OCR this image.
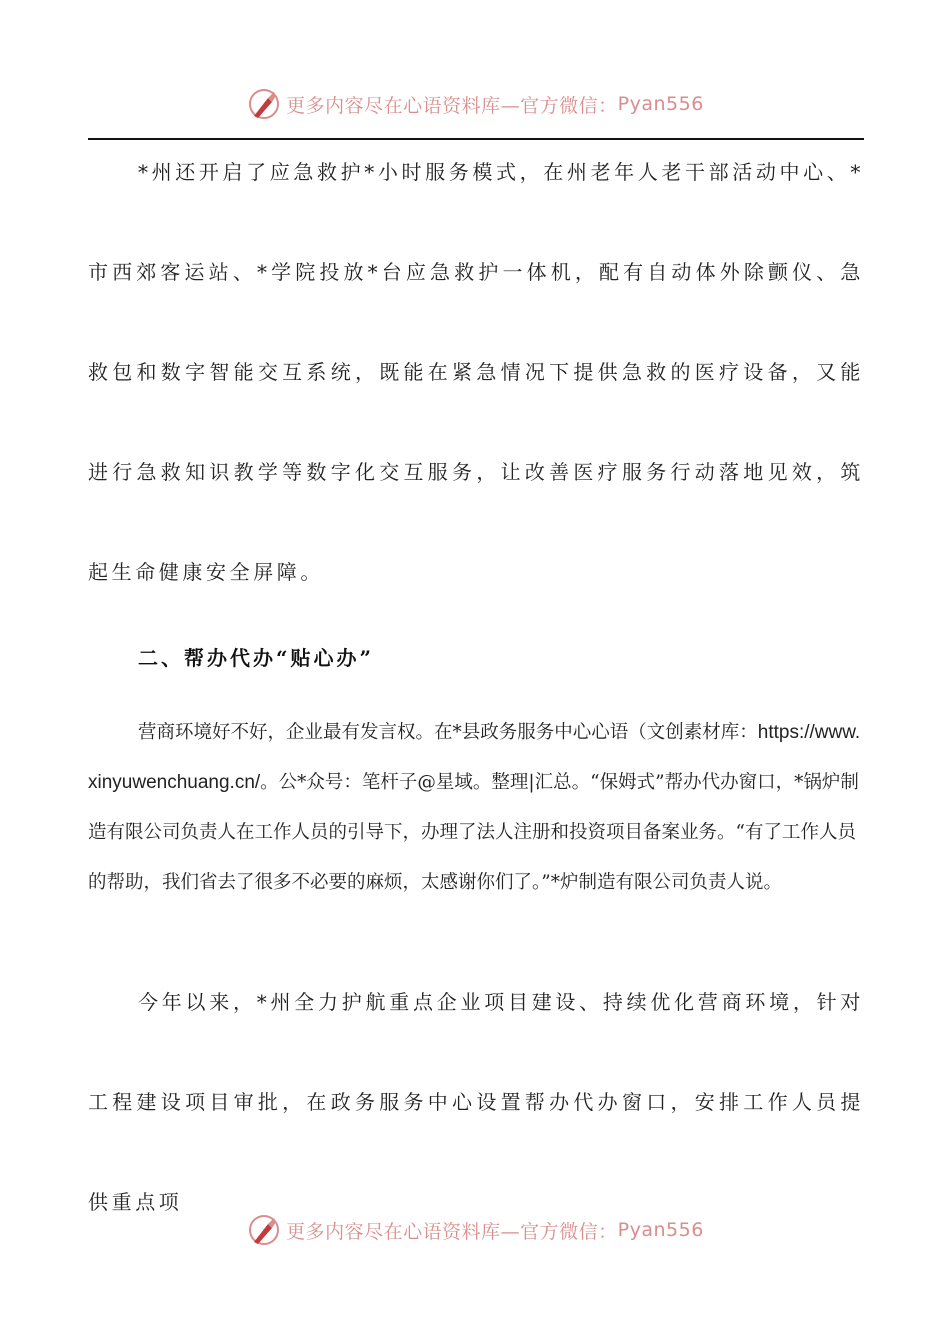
更多内容尽在心语资料库—官方微信： Pyan556

*州还开启了应急救护*小时服务模式，在州老年人老干部活动中心、*市西郊客运站、*学院投放*台应急救护一体机，配有自动体外除颤仪、急救包和数字智能交互系统，既能在紧急情况下提供急救的医疗设备，又能进行急救知识教学等数字化交互服务，让改善医疗服务行动落地见效，筑起生命健康安全屏障。

二、帮办代办“贴心办”

营商环境好不好，企业最有发言权。在*县政务服务中心心语（文创素材库：https://www.xinyuwenchuang.cn/。公*众号：笔杆子@星域。整理|汇总。“保姆式”帮办代办窗口，*锅炉制造有限公司负责人在工作人员的引导下，办理了法人注册和投资项目备案业务。“有了工作人员的帮助，我们省去了很多不必要的麻烦，太感谢你们了。”*炉制造有限公司负责人说。

今年以来，*州全力护航重点企业项目建设、持续优化营商环境，针对工程建设项目审批，在政务服务中心设置帮办代办窗口，安排工作人员提供重点项

更多内容尽在心语资料库—官方微信： Pyan556
